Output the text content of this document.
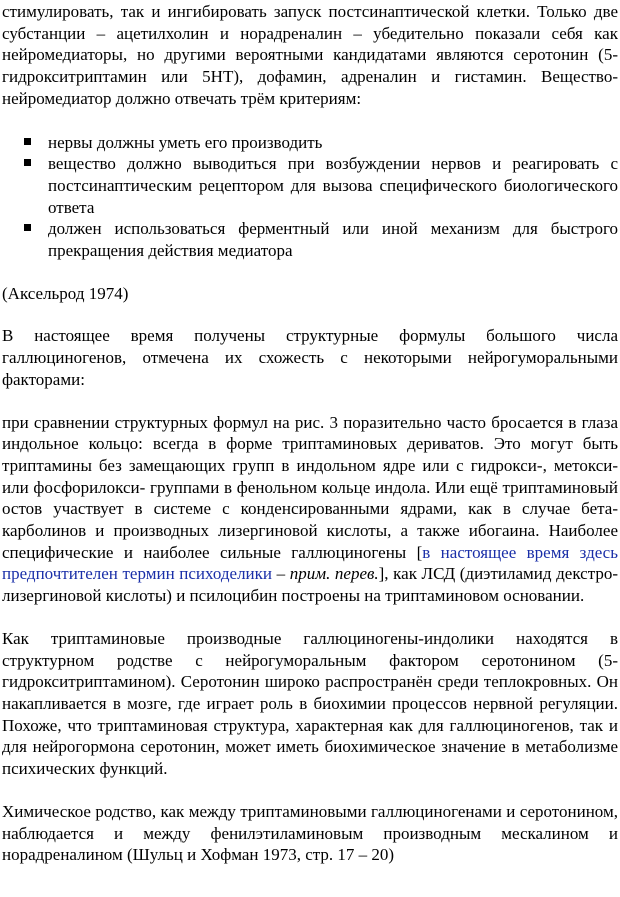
стимулировать, так и ингибировать запуск постсинаптической клетки. Только две субстанции – ацетилхолин и норадреналин – убедительно показали себя как нейромедиаторы, но другими вероятными кандидатами являются серотонин (5-гидрокситриптамин или 5HT), дофамин, адреналин и гистамин. Вещество-нейромедиатор должно отвечать трём критериям:

нервы должны уметь его производить
вещество должно выводиться при возбуждении нервов и реагировать с постсинаптическим рецептором для вызова специфического биологического ответа
должен использоваться ферментный или иной механизм для быстрого прекращения действия медиатора

(Аксельрод 1974)

В настоящее время получены структурные формулы большого числа галлюциногенов, отмечена их схожесть с некоторыми нейрогуморальными факторами:

при сравнении структурных формул на рис. 3 поразительно часто бросается в глаза индольное кольцо: всегда в форме триптаминовых дериватов. Это могут быть триптамины без замещающих групп в индольном ядре или с гидрокси-, метокси- или фосфорилокси- группами в фенольном кольце индола. Или ещё триптаминовый остов участвует в системе с конденсированными ядрами, как в случае бета-карболинов и производных лизергиновой кислоты, а также ибогаина. Наиболее специфические и наиболее сильные галлюциногены [в настоящее время здесь предпочтителен термин психоделики – прим. перев.], как ЛСД (диэтиламид декстро-лизергиновой кислоты) и псилоцибин построены на триптаминовом основании.

Как триптаминовые производные галлюциногены-индолики находятся в структурном родстве с нейрогуморальным фактором серотонином (5-гидрокситриптамином). Серотонин широко распространён среди теплокровных. Он накапливается в мозге, где играет роль в биохимии процессов нервной регуляции. Похоже, что триптаминовая структура, характерная как для галлюциногенов, так и для нейрогормона серотонин, может иметь биохимическое значение в метаболизме психических функций.

Химическое родство, как между триптаминовыми галлюциногенами и серотонином, наблюдается и между фенилэтиламиновым производным мескалином и норадреналином (Шульц и Хофман 1973, стр. 17 – 20)
